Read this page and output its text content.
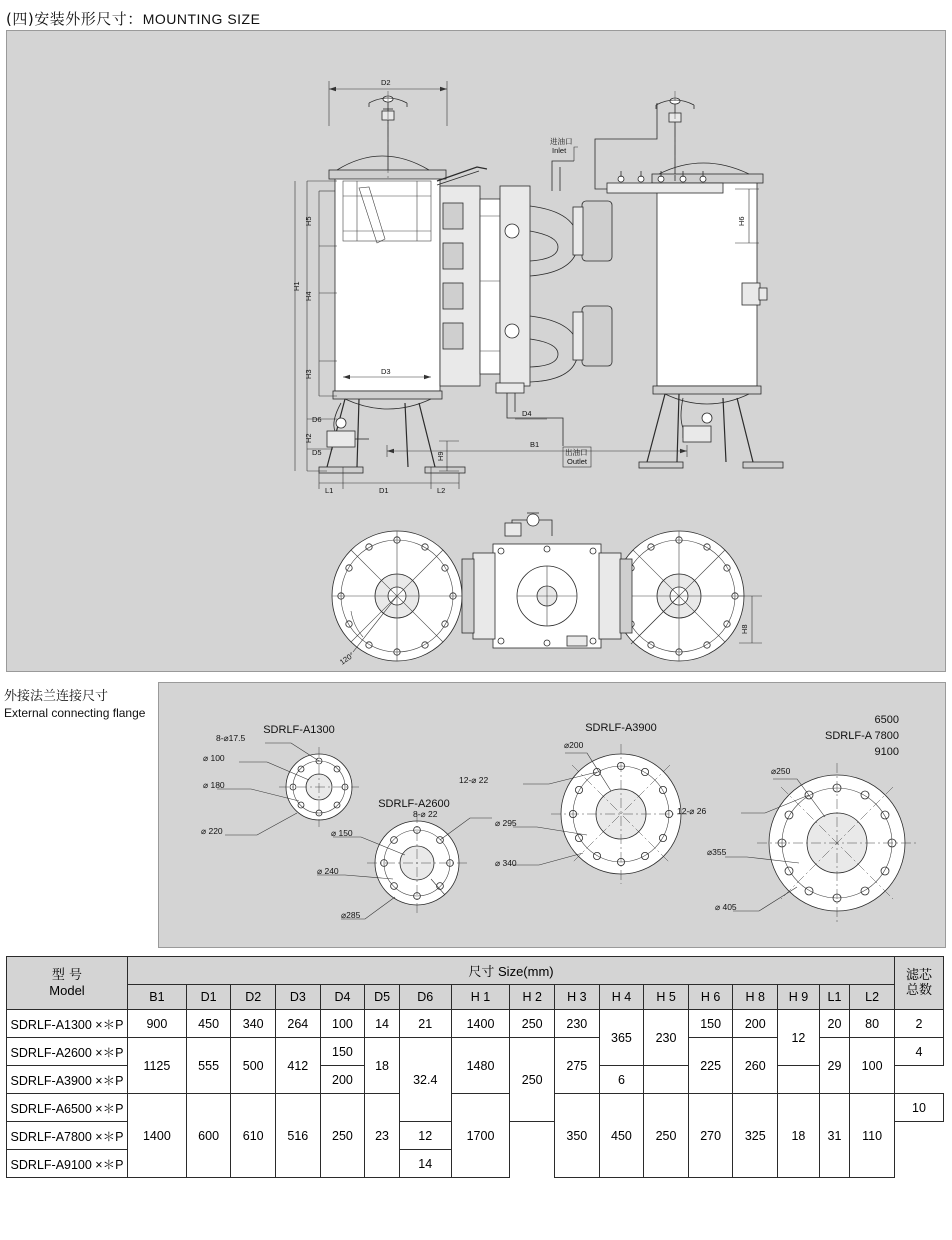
(四)安装外形尺寸：MOUNTING SIZE
D2
H1
H4
H5
H3
H2
D6
D5
L1	D1	L2
B1
D3
D4
H9
H6
进油口
Inlet
出油口
Outlet
120°
H8
外接法兰连接尺寸
External connecting flange
SDRLF-A1300
8-⌀17.5
⌀ 100
⌀ 180
⌀ 220
SDRLF-A2600
8-⌀ 22
⌀ 150
⌀ 240
⌀285
SDRLF-A3900
⌀200
12-⌀ 22
⌀ 295
⌀ 340
6500
SDRLF-A 7800
9100
⌀250
12-⌀ 26
⌀355
⌀ 405
型 号
Model
	尺寸 Size(mm)	滤芯
总数

	B1	D1	D2	D3	D4	D5	D6	H 1	H 2	H 3	H 4	H 5	H 6	H 8	H 9	L1	L2	
SDRLF-A1300 ×＊P	900	450	340	264	100	14	21	1400	250	230	365	230	150	200	12	20	80	2
SDRLF-A2600 ×＊P	1125	555	500	412	150	18	32.4	1480	250	275			225	260		29	100	4
SDRLF-A3900 ×＊P					200						6							
SDRLF-A6500 ×＊P	1400	600	610	516	250	23		1700		350	450	250	270	325	18	31	110	10
SDRLF-A7800 ×＊P							12											
SDRLF-A9100 ×＊P							14											
